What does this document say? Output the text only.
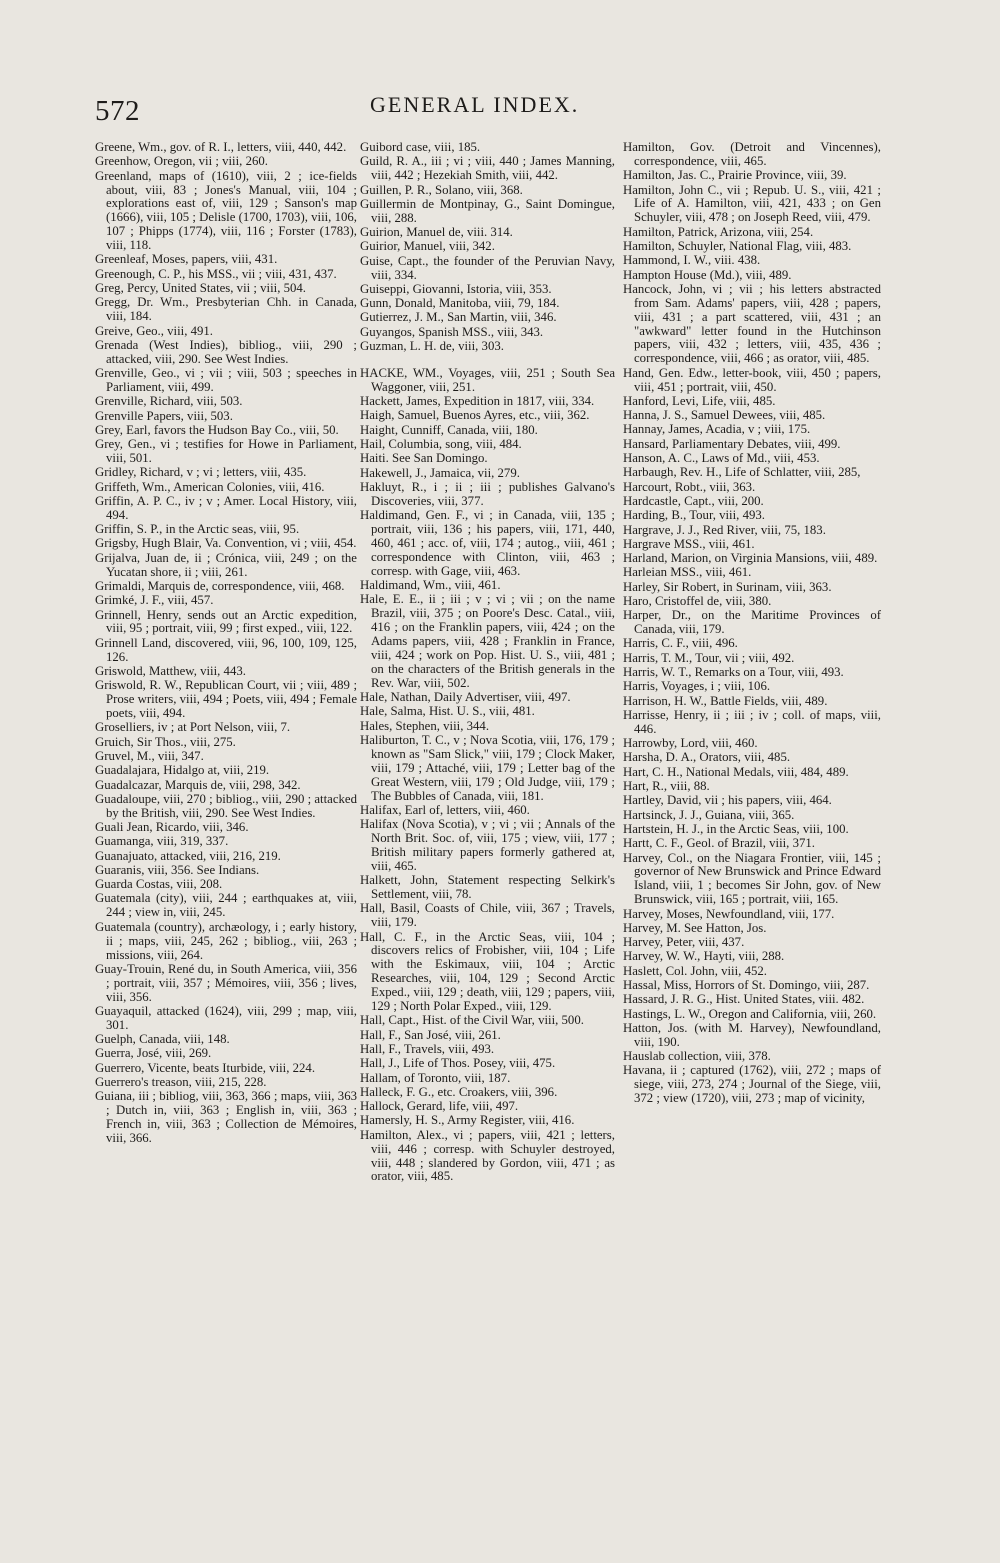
572	GENERAL INDEX.
Greene, Wm., gov. of R. I., letters, viii, 440, 442.
Greenhow, Oregon, vii ; viii, 260.
Greenland, maps of (1610), viii, 2 ; ice-fields about, viii, 83 ; Jones's Manual, viii, 104 ; explorations east of, viii, 129 ; Sanson's map (1666), viii, 105 ; Delisle (1700, 1703), viii, 106, 107 ; Phipps (1774), viii, 116 ; Forster (1783), viii, 118.
Greenleaf, Moses, papers, viii, 431.
Greenough, C. P., his MSS., vii ; viii, 431, 437.
Greg, Percy, United States, vii ; viii, 504.
Gregg, Dr. Wm., Presbyterian Chh. in Canada, viii, 184.
Greive, Geo., viii, 491.
Grenada (West Indies), bibliog., viii, 290 ; attacked, viii, 290. See West Indies.
Grenville, Geo., vi ; vii ; viii, 503 ; speeches in Parliament, viii, 499.
Grenville, Richard, viii, 503.
Grenville Papers, viii, 503.
Grey, Earl, favors the Hudson Bay Co., viii, 50.
Grey, Gen., vi ; testifies for Howe in Parliament, viii, 501.
Gridley, Richard, v ; vi ; letters, viii, 435.
Griffeth, Wm., American Colonies, viii, 416.
Griffin, A. P. C., iv ; v ; Amer. Local History, viii, 494.
Griffin, S. P., in the Arctic seas, viii, 95.
Grigsby, Hugh Blair, Va. Convention, vi ; viii, 454.
Grijalva, Juan de, ii ; Crónica, viii, 249 ; on the Yucatan shore, ii ; viii, 261.
Grimaldi, Marquis de, correspondence, viii, 468.
Grimké, J. F., viii, 457.
Grinnell, Henry, sends out an Arctic expedition, viii, 95 ; portrait, viii, 99 ; first exped., viii, 122.
Grinnell Land, discovered, viii, 96, 100, 109, 125, 126.
Griswold, Matthew, viii, 443.
Griswold, R. W., Republican Court, vii ; viii, 489 ; Prose writers, viii, 494 ; Poets, viii, 494 ; Female poets, viii, 494.
Groselliers, iv ; at Port Nelson, viii, 7.
Gruich, Sir Thos., viii, 275.
Gruvel, M., viii, 347.
Guadalajara, Hidalgo at, viii, 219.
Guadalcazar, Marquis de, viii, 298, 342.
Guadaloupe, viii, 270 ; bibliog., viii, 290 ; attacked by the British, viii, 290. See West Indies.
Guali Jean, Ricardo, viii, 346.
Guamanga, viii, 319, 337.
Guanajuato, attacked, viii, 216, 219.
Guaranis, viii, 356. See Indians.
Guarda Costas, viii, 208.
Guatemala (city), viii, 244 ; earthquakes at, viii, 244 ; view in, viii, 245.
Guatemala (country), archæology, i ; early history, ii ; maps, viii, 245, 262 ; bibliog., viii, 263 ; missions, viii, 264.
Guay-Trouin, René du, in South America, viii, 356 ; portrait, viii, 357 ; Mémoires, viii, 356 ; lives, viii, 356.
Guayaquil, attacked (1624), viii, 299 ; map, viii, 301.
Guelph, Canada, viii, 148.
Guerra, José, viii, 269.
Guerrero, Vicente, beats Iturbide, viii, 224.
Guerrero's treason, viii, 215, 228.
Guiana, iii ; bibliog, viii, 363, 366 ; maps, viii, 363 ; Dutch in, viii, 363 ; English in, viii, 363 ; French in, viii, 363 ; Collection de Mémoires, viii, 366.
Guibord case, viii, 185.
Guild, R. A., iii ; vi ; viii, 440 ; James Manning, viii, 442 ; Hezekiah Smith, viii, 442.
Guillen, P. R., Solano, viii, 368.
Guillermin de Montpinay, G., Saint Domingue, viii, 288.
Guirion, Manuel de, viii. 314.
Guirior, Manuel, viii, 342.
Guise, Capt., the founder of the Peruvian Navy, viii, 334.
Guiseppi, Giovanni, Istoria, viii, 353.
Gunn, Donald, Manitoba, viii, 79, 184.
Gutierrez, J. M., San Martin, viii, 346.
Guyangos, Spanish MSS., viii, 343.
Guzman, L. H. de, viii, 303.
HACKE, WM., Voyages, viii, 251 ; South Sea Waggoner, viii, 251.
Hackett, James, Expedition in 1817, viii, 334.
Haigh, Samuel, Buenos Ayres, etc., viii, 362.
Haight, Cunniff, Canada, viii, 180.
Hail, Columbia, song, viii, 484.
Haiti. See San Domingo.
Hakewell, J., Jamaica, vii, 279.
Hakluyt, R., i ; ii ; iii ; publishes Galvano's Discoveries, viii, 377.
Haldimand, Gen. F., vi ; in Canada, viii, 135 ; portrait, viii, 136 ; his papers, viii, 171, 440, 460, 461 ; acc. of, viii, 174 ; autog., viii, 461 ; correspondence with Clinton, viii, 463 ; corresp. with Gage, viii, 463.
Haldimand, Wm., viii, 461.
Hale, E. E., ii ; iii ; v ; vi ; vii ; on the name Brazil, viii, 375 ; on Poore's Desc. Catal., viii, 416 ; on the Franklin papers, viii, 424 ; on the Adams papers, viii, 428 ; Franklin in France, viii, 424 ; work on Pop. Hist. U. S., viii, 481 ; on the characters of the British generals in the Rev. War, viii, 502.
Hale, Nathan, Daily Advertiser, viii, 497.
Hale, Salma, Hist. U. S., viii, 481.
Hales, Stephen, viii, 344.
Haliburton, T. C., v ; Nova Scotia, viii, 176, 179 ; known as "Sam Slick," viii, 179 ; Clock Maker, viii, 179 ; Attaché, viii, 179 ; Letter bag of the Great Western, viii, 179 ; Old Judge, viii, 179 ; The Bubbles of Canada, viii, 181.
Halifax, Earl of, letters, viii, 460.
Halifax (Nova Scotia), v ; vi ; vii ; Annals of the North Brit. Soc. of, viii, 175 ; view, viii, 177 ; British military papers formerly gathered at, viii, 465.
Halkett, John, Statement respecting Selkirk's Settlement, viii, 78.
Hall, Basil, Coasts of Chile, viii, 367 ; Travels, viii, 179.
Hall, C. F., in the Arctic Seas, viii, 104 ; discovers relics of Frobisher, viii, 104 ; Life with the Eskimaux, viii, 104 ; Arctic Researches, viii, 104, 129 ; Second Arctic Exped., viii, 129 ; death, viii, 129 ; papers, viii, 129 ; North Polar Exped., viii, 129.
Hall, Capt., Hist. of the Civil War, viii, 500.
Hall, F., San José, viii, 261.
Hall, F., Travels, viii, 493.
Hall, J., Life of Thos. Posey, viii, 475.
Hallam, of Toronto, viii, 187.
Halleck, F. G., etc. Croakers, viii, 396.
Hallock, Gerard, life, viii, 497.
Hamersly, H. S., Army Register, viii, 416.
Hamilton, Alex., vi ; papers, viii, 421 ; letters, viii, 446 ; corresp. with Schuyler destroyed, viii, 448 ; slandered by Gordon, viii, 471 ; as orator, viii, 485.
Hamilton, Gov. (Detroit and Vincennes), correspondence, viii, 465.
Hamilton, Jas. C., Prairie Province, viii, 39.
Hamilton, John C., vii ; Repub. U. S., viii, 421 ; Life of A. Hamilton, viii, 421, 433 ; on Gen Schuyler, viii, 478 ; on Joseph Reed, viii, 479.
Hamilton, Patrick, Arizona, viii, 254.
Hamilton, Schuyler, National Flag, viii, 483.
Hammond, I. W., viii. 438.
Hampton House (Md.), viii, 489.
Hancock, John, vi ; vii ; his letters abstracted from Sam. Adams' papers, viii, 428 ; papers, viii, 431 ; a part scattered, viii, 431 ; an "awkward" letter found in the Hutchinson papers, viii, 432 ; letters, viii, 435, 436 ; correspondence, viii, 466 ; as orator, viii, 485.
Hand, Gen. Edw., letter-book, viii, 450 ; papers, viii, 451 ; portrait, viii, 450.
Hanford, Levi, Life, viii, 485.
Hanna, J. S., Samuel Dewees, viii, 485.
Hannay, James, Acadia, v ; viii, 175.
Hansard, Parliamentary Debates, viii, 499.
Hanson, A. C., Laws of Md., viii, 453.
Harbaugh, Rev. H., Life of Schlatter, viii, 285,
Harcourt, Robt., viii, 363.
Hardcastle, Capt., viii, 200.
Harding, B., Tour, viii, 493.
Hargrave, J. J., Red River, viii, 75, 183.
Hargrave MSS., viii, 461.
Harland, Marion, on Virginia Mansions, viii, 489.
Harleian MSS., viii, 461.
Harley, Sir Robert, in Surinam, viii, 363.
Haro, Cristoffel de, viii, 380.
Harper, Dr., on the Maritime Provinces of Canada, viii, 179.
Harris, C. F., viii, 496.
Harris, T. M., Tour, vii ; viii, 492.
Harris, W. T., Remarks on a Tour, viii, 493.
Harris, Voyages, i ; viii, 106.
Harrison, H. W., Battle Fields, viii, 489.
Harrisse, Henry, ii ; iii ; iv ; coll. of maps, viii, 446.
Harrowby, Lord, viii, 460.
Harsha, D. A., Orators, viii, 485.
Hart, C. H., National Medals, viii, 484, 489.
Hart, R., viii, 88.
Hartley, David, vii ; his papers, viii, 464.
Hartsinck, J. J., Guiana, viii, 365.
Hartstein, H. J., in the Arctic Seas, viii, 100.
Hartt, C. F., Geol. of Brazil, viii, 371.
Harvey, Col., on the Niagara Frontier, viii, 145 ; governor of New Brunswick and Prince Edward Island, viii, 1 ; becomes Sir John, gov. of New Brunswick, viii, 165 ; portrait, viii, 165.
Harvey, Moses, Newfoundland, viii, 177.
Harvey, M. See Hatton, Jos.
Harvey, Peter, viii, 437.
Harvey, W. W., Hayti, viii, 288.
Haslett, Col. John, viii, 452.
Hassal, Miss, Horrors of St. Domingo, viii, 287.
Hassard, J. R. G., Hist. United States, viii. 482.
Hastings, L. W., Oregon and California, viii, 260.
Hatton, Jos. (with M. Harvey), Newfoundland, viii, 190.
Hauslab collection, viii, 378.
Havana, ii ; captured (1762), viii, 272 ; maps of siege, viii, 273, 274 ; Journal of the Siege, viii, 372 ; view (1720), viii, 273 ; map of vicinity,
